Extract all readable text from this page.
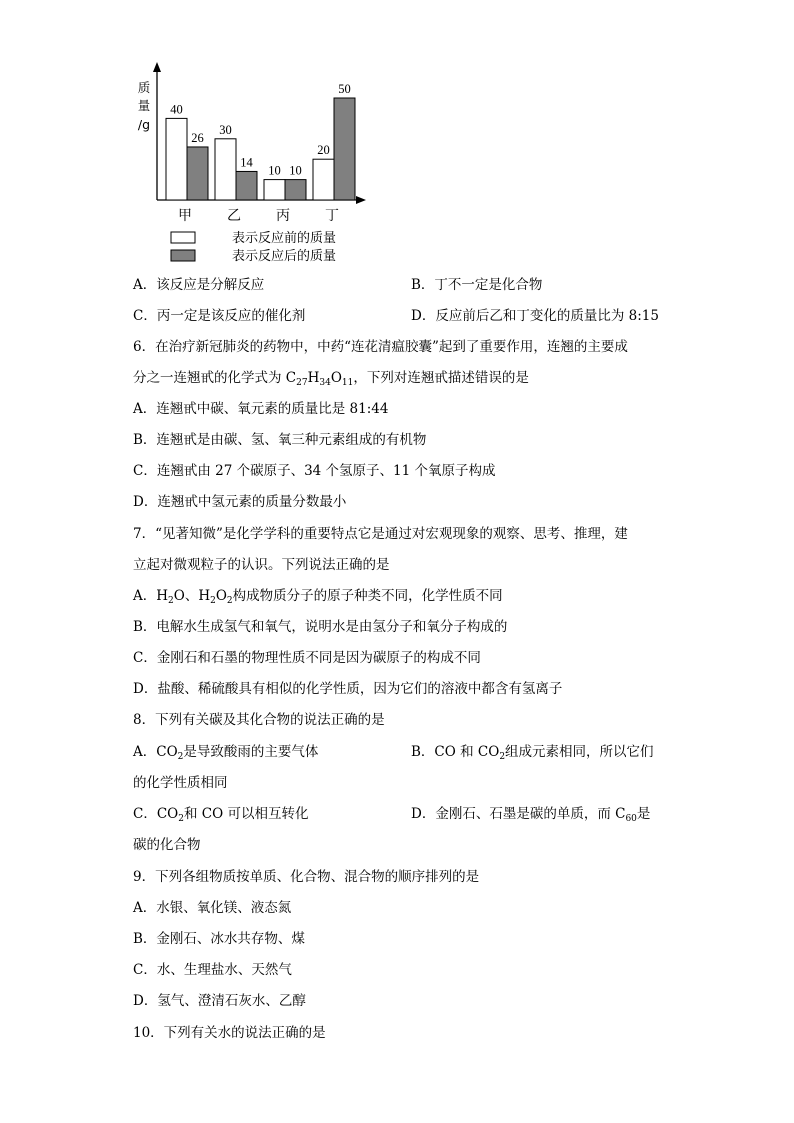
质
量
/g
40
26
30
14
10 10
20
50
甲	乙	丙	丁
表示反应前的质量
表示反应后的质量
A．该反应是分解反应	B．丁不一定是化合物
C．丙一定是该反应的催化剂	D．反应前后乙和丁变化的质量比为 8:15
6．在治疗新冠肺炎的药物中，中药“连花清瘟胶囊”起到了重要作用，连翘的主要成
分之一连翘甙的化学式为 $C_{27}H_{34}O_{11}$，下列对连翘甙描述错误的是
A．连翘甙中碳、氧元素的质量比是 81:44
B．连翘甙是由碳、氢、氧三种元素组成的有机物
C．连翘甙由 27 个碳原子、34 个氢原子、11 个氧原子构成
D．连翘甙中氢元素的质量分数最小
7．“见著知微”是化学学科的重要特点它是通过对宏观现象的观察、思考、推理，建
立起对微观粒子的认识。下列说法正确的是
A．$H_2O$、$H_2O_2$构成物质分子的原子种类不同，化学性质不同
B．电解水生成氢气和氧气，说明水是由氢分子和氧分子构成的
C．金刚石和石墨的物理性质不同是因为碳原子的构成不同
D．盐酸、稀硫酸具有相似的化学性质，因为它们的溶液中都含有氢离子
8．下列有关碳及其化合物的说法正确的是
A．$CO_2$是导致酸雨的主要气体	B．CO 和 $CO_2$组成元素相同，所以它们
的化学性质相同
C．$CO_2$和 CO 可以相互转化	D．金刚石、石墨是碳的单质，而 $C_{60}$是
碳的化合物
9．下列各组物质按单质、化合物、混合物的顺序排列的是
A．水银、氧化镁、液态氮
B．金刚石、冰水共存物、煤
C．水、生理盐水、天然气
D．氢气、澄清石灰水、乙醇
10．下列有关水的说法正确的是
